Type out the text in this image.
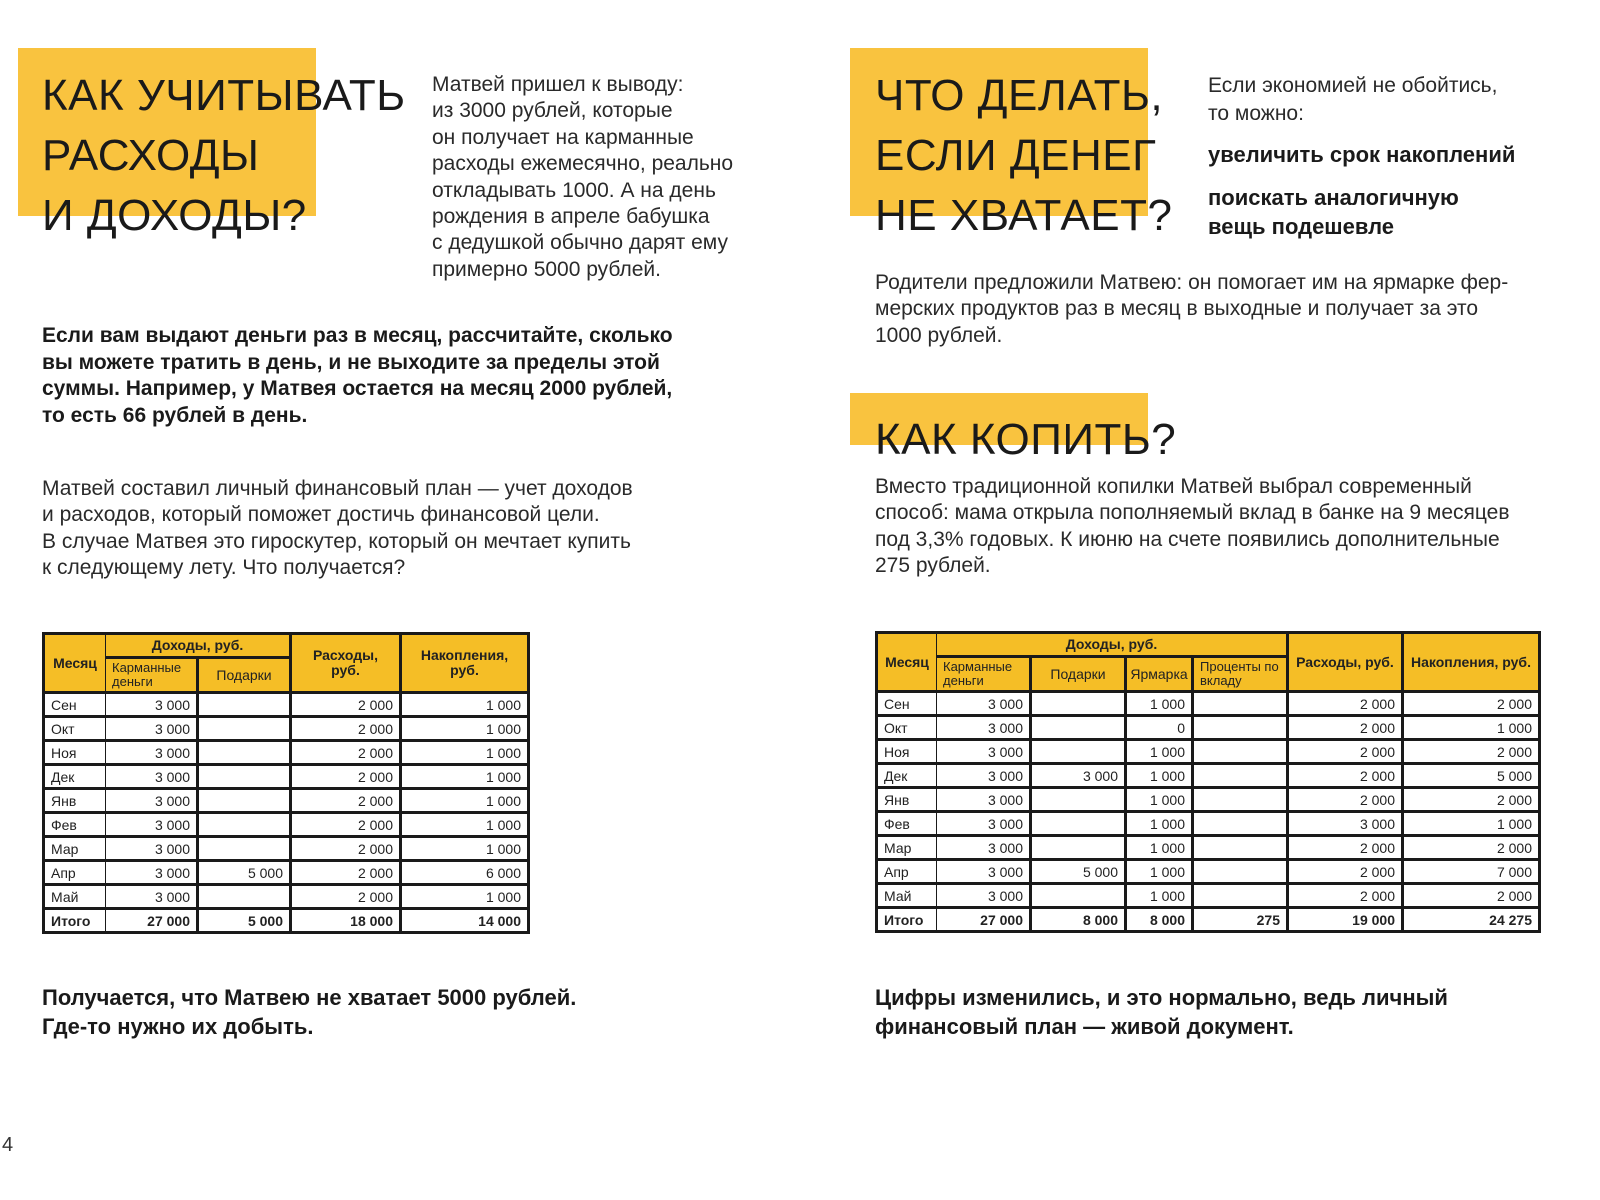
КАК УЧИТЫВАТЬ
РАСХОДЫ
И ДОХОДЫ?

Матвей пришел к выводу:
из 3000 рублей, которые
он получает на карманные
расходы ежемесячно, реально
откладывать 1000. А на день
рождения в апреле бабушка
с дедушкой обычно дарят ему
примерно 5000 рублей.

Если вам выдают деньги раз в месяц, рассчитайте, сколько
вы можете тратить в день, и не выходите за пределы этой
суммы. Например, у Матвея остается на месяц 2000 рублей,
то есть 66 рублей в день.

Матвей составил личный финансовый план — учет доходов
и расходов, который поможет достичь финансовой цели.
В случае Матвея это гироскутер, который он мечтает купить
к следующему лету. Что получается?

Месяц	Доходы, руб.		Расходы, руб.	Накопления, руб.
	Карманные деньги	Подарки		
Сен	3 000		2 000	1 000
Окт	3 000		2 000	1 000
Ноя	3 000		2 000	1 000
Дек	3 000		2 000	1 000
Янв	3 000		2 000	1 000
Фев	3 000		2 000	1 000
Мар	3 000		2 000	1 000
Апр	3 000	5 000	2 000	6 000
Май	3 000		2 000	1 000
Итого	27 000	5 000	18 000	14 000

Получается, что Матвею не хватает 5000 рублей.
Где-то нужно их добыть.

4
ЧТО ДЕЛАТЬ,
ЕСЛИ ДЕНЕГ
НЕ ХВАТАЕТ?

Если экономией не обойтись,
то можно:

увеличить срок накоплений

поискать аналогичную
вещь подешевле

Родители предложили Матвею: он помогает им на ярмарке фер-
мерских продуктов раз в месяц в выходные и получает за это
1000 рублей.

КАК КОПИТЬ?

Вместо традиционной копилки Матвей выбрал современный
способ: мама открыла пополняемый вклад в банке на 9 месяцев
под 3,3% годовых. К июню на счете появились дополнительные
275 рублей.

Месяц	Доходы, руб.				Расходы, руб.	Накопления, руб.
	Карманные деньги	Подарки	Ярмарка	Проценты по вкладу		
Сен	3 000		1 000		2 000	2 000
Окт	3 000		0		2 000	1 000
Ноя	3 000		1 000		2 000	2 000
Дек	3 000	3 000	1 000		2 000	5 000
Янв	3 000		1 000		2 000	2 000
Фев	3 000		1 000		3 000	1 000
Мар	3 000		1 000		2 000	2 000
Апр	3 000	5 000	1 000		2 000	7 000
Май	3 000		1 000		2 000	2 000
Итого	27 000	8 000	8 000	275	19 000	24 275

Цифры изменились, и это нормально, ведь личный
финансовый план — живой документ.
